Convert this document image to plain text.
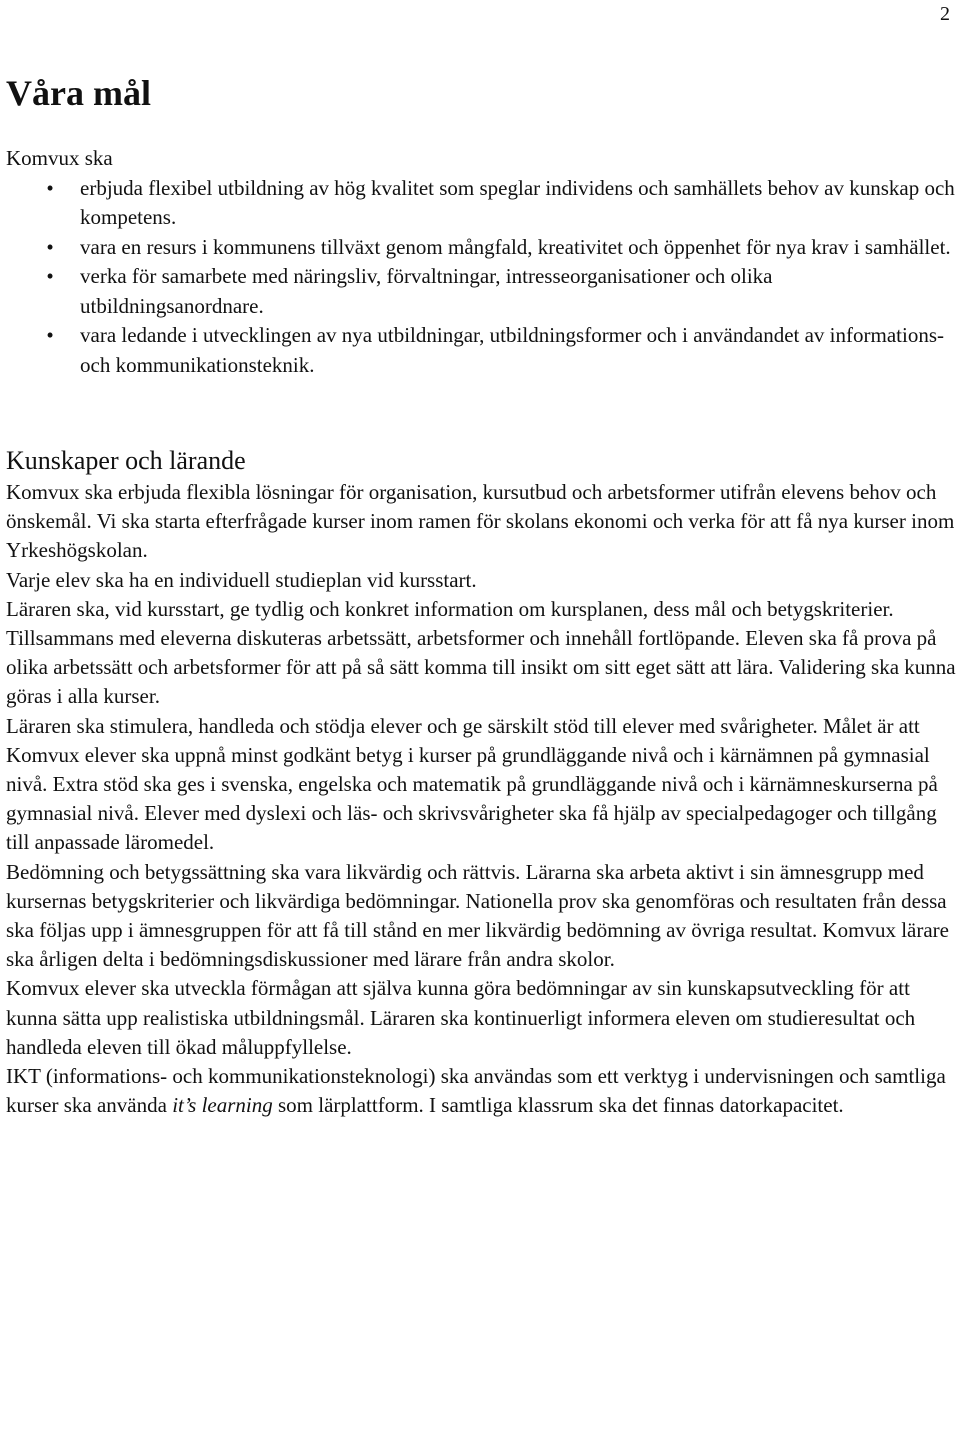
2
Våra mål
Komvux ska
•	erbjuda flexibel utbildning av hög kvalitet som speglar individens och samhällets behov av kunskap och kompetens.
•	vara en resurs i kommunens tillväxt genom mångfald, kreativitet och öppenhet för nya krav i samhället.
•	verka för samarbete med näringsliv, förvaltningar, intresseorganisationer och olika utbildningsanordnare.
•	vara ledande i utvecklingen av nya utbildningar, utbildningsformer och i användandet av informations- och kommunikationsteknik.
Kunskaper och lärande

Komvux ska erbjuda flexibla lösningar för organisation, kursutbud och arbetsformer utifrån elevens behov och önskemål. Vi ska starta efterfrågade kurser inom ramen för skolans ekonomi och verka för att få nya kurser inom Yrkeshögskolan.

Varje elev ska ha en individuell studieplan vid kursstart.

Läraren ska, vid kursstart, ge tydlig och konkret information om kursplanen, dess mål och betygskriterier. Tillsammans med eleverna diskuteras arbetssätt, arbetsformer och innehåll fortlöpande. Eleven ska få prova på olika arbetssätt och arbetsformer för att på så sätt komma till insikt om sitt eget sätt att lära. Validering ska kunna göras i alla kurser.

Läraren ska stimulera, handleda och stödja elever och ge särskilt stöd till elever med svårigheter. Målet är att Komvux elever ska uppnå minst godkänt betyg i kurser på grundläggande nivå och i kärnämnen på gymnasial nivå. Extra stöd ska ges i svenska, engelska och matematik på grundläggande nivå och i kärnämneskurserna på gymnasial nivå. Elever med dyslexi och läs- och skrivsvårigheter ska få hjälp av specialpedagoger och tillgång till anpassade läromedel.

Bedömning och betygssättning ska vara likvärdig och rättvis. Lärarna ska arbeta aktivt i sin ämnesgrupp med kursernas betygskriterier och likvärdiga bedömningar. Nationella prov ska genomföras och resultaten från dessa ska följas upp i ämnesgruppen för att få till stånd en mer likvärdig bedömning av övriga resultat. Komvux lärare ska årligen delta i bedömningsdiskussioner med lärare från andra skolor.

Komvux elever ska utveckla förmågan att själva kunna göra bedömningar av sin kunskapsutveckling för att kunna sätta upp realistiska utbildningsmål. Läraren ska kontinuerligt informera eleven om studieresultat och handleda eleven till ökad måluppfyllelse.

IKT (informations- och kommunikationsteknologi) ska användas som ett verktyg i undervisningen och samtliga kurser ska använda it’s learning som lärplattform. I samtliga klassrum ska det finnas datorkapacitet.
